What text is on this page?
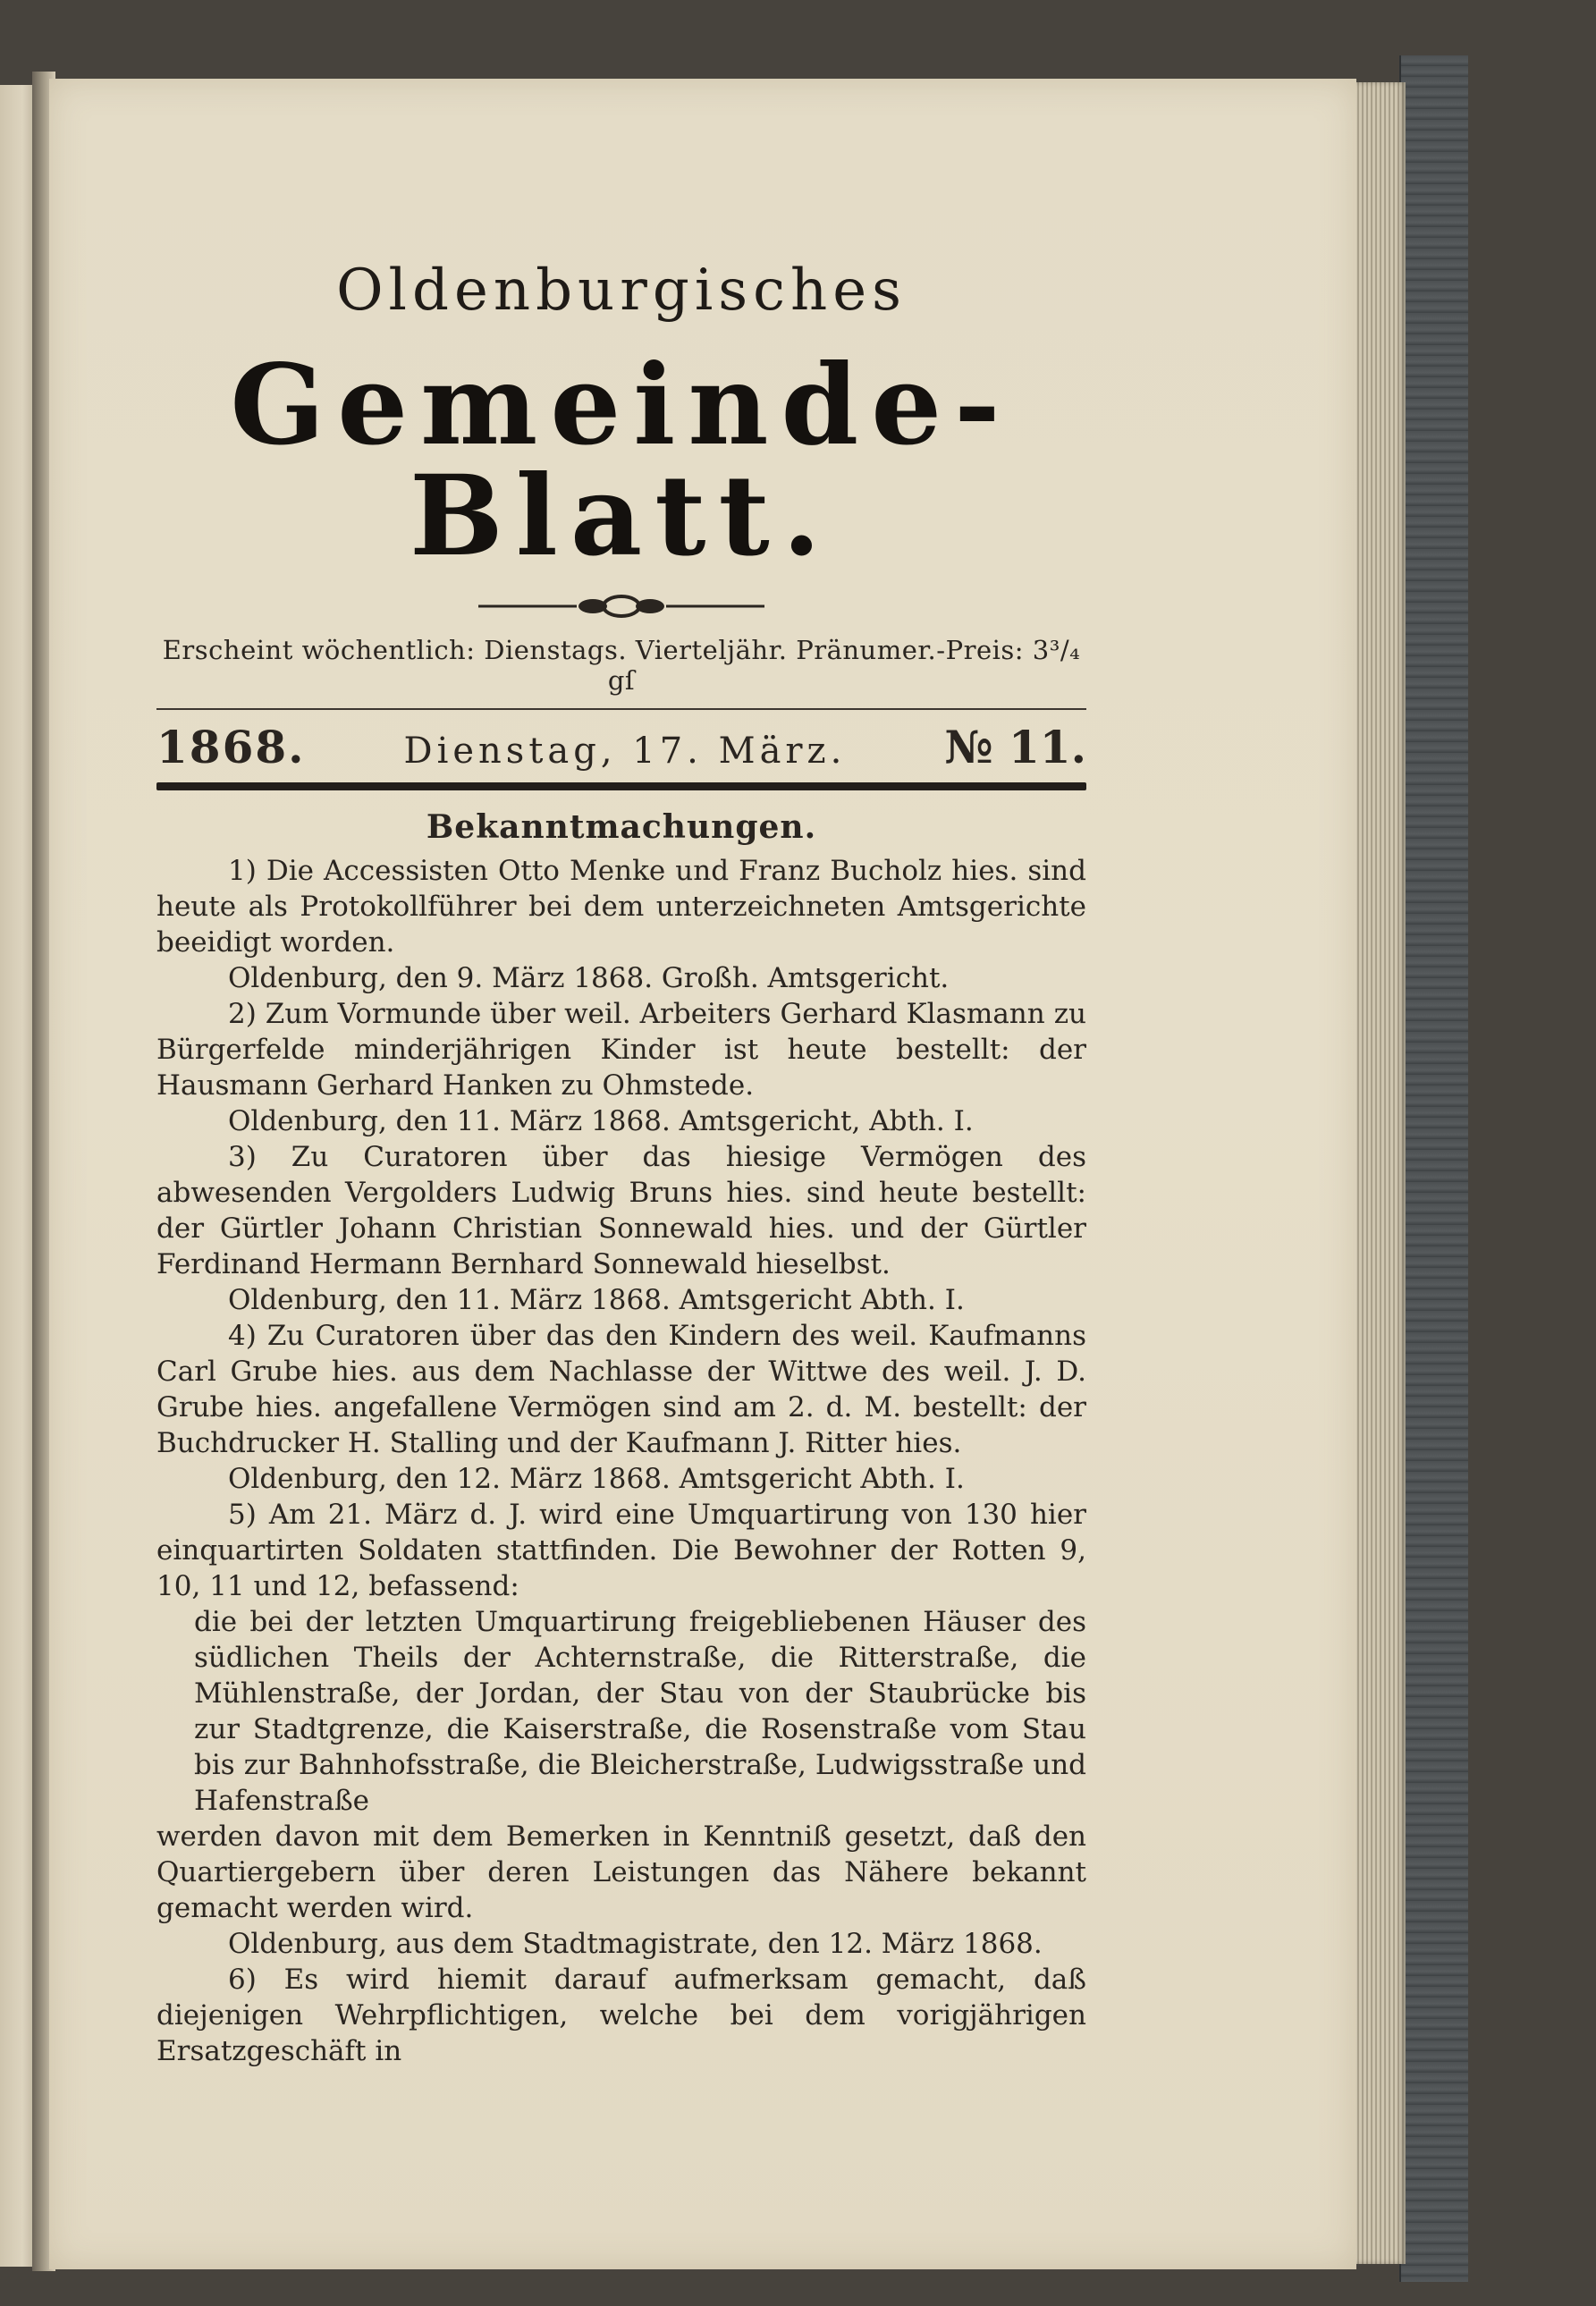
Oldenburgisches
Gemeinde-Blatt.
Erscheint wöchentlich: Dienstags. Vierteljähr. Pränumer.-Preis: 3³/₄ gſ
1868.	Dienstag, 17. März. № 11.
Bekanntmachungen.

1) Die Accessisten Otto Menke und Franz Bucholz hies. sind heute als Protokollführer bei dem unterzeichneten Amtsgerichte beeidigt worden.

Oldenburg, den 9. März 1868. Großh. Amtsgericht.

2) Zum Vormunde über weil. Arbeiters Gerhard Klasmann zu Bürgerfelde minderjährigen Kinder ist heute bestellt: der Hausmann Gerhard Hanken zu Ohmstede.

Oldenburg, den 11. März 1868. Amtsgericht, Abth. I.

3) Zu Curatoren über das hiesige Vermögen des abwesenden Vergolders Ludwig Bruns hies. sind heute bestellt: der Gürtler Johann Christian Sonnewald hies. und der Gürtler Ferdinand Hermann Bernhard Sonnewald hieselbst.

Oldenburg, den 11. März 1868. Amtsgericht Abth. I.

4) Zu Curatoren über das den Kindern des weil. Kaufmanns Carl Grube hies. aus dem Nachlasse der Wittwe des weil. J. D. Grube hies. angefallene Vermögen sind am 2. d. M. bestellt: der Buchdrucker H. Stalling und der Kaufmann J. Ritter hies.

Oldenburg, den 12. März 1868. Amtsgericht Abth. I.

5) Am 21. März d. J. wird eine Umquartirung von 130 hier einquartirten Soldaten stattfinden. Die Bewohner der Rotten 9, 10, 11 und 12, befassend:

die bei der letzten Umquartirung freigebliebenen Häuser des südlichen Theils der Achternstraße, die Ritterstraße, die Mühlenstraße, der Jordan, der Stau von der Staubrücke bis zur Stadtgrenze, die Kaiserstraße, die Rosenstraße vom Stau bis zur Bahnhofsstraße, die Bleicherstraße, Ludwigsstraße und Hafenstraße

werden davon mit dem Bemerken in Kenntniß gesetzt, daß den Quartiergebern über deren Leistungen das Nähere bekannt gemacht werden wird.

Oldenburg, aus dem Stadtmagistrate, den 12. März 1868.

6) Es wird hiemit darauf aufmerksam gemacht, daß diejenigen Wehrpflichtigen, welche bei dem vorigjährigen Ersatzgeschäft in
